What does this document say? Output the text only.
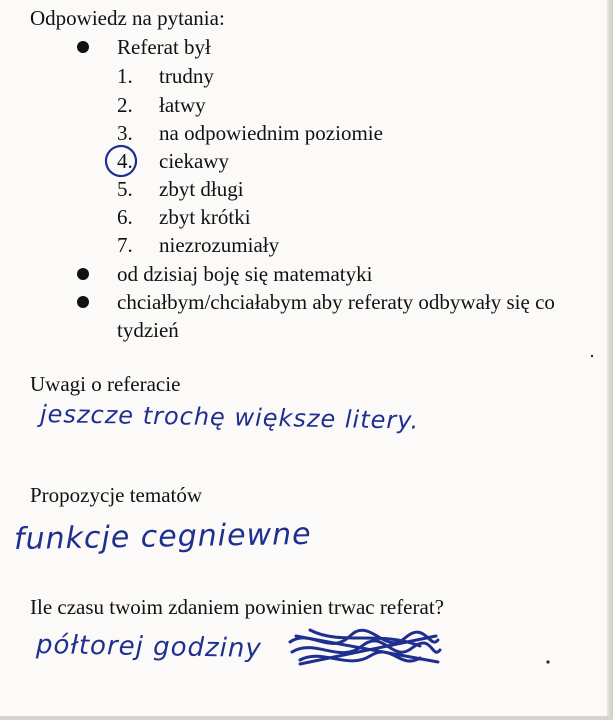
Odpowiedz na pytania:
Referat był
1. trudny
2. łatwy
3. na odpowiednim poziomie
4. ciekawy
5. zbyt długi
6. zbyt krótki
7. niezrozumiały
od dzisiaj boję się matematyki
chciałbym/chciałabym aby referaty odbywały się co
tydzień
Uwagi o referacie
jeszcze trochę większe litery.
Propozycje tematów
funkcje cegniewne
Ile czasu twoim zdaniem powinien trwac referat?
półtorej godziny
